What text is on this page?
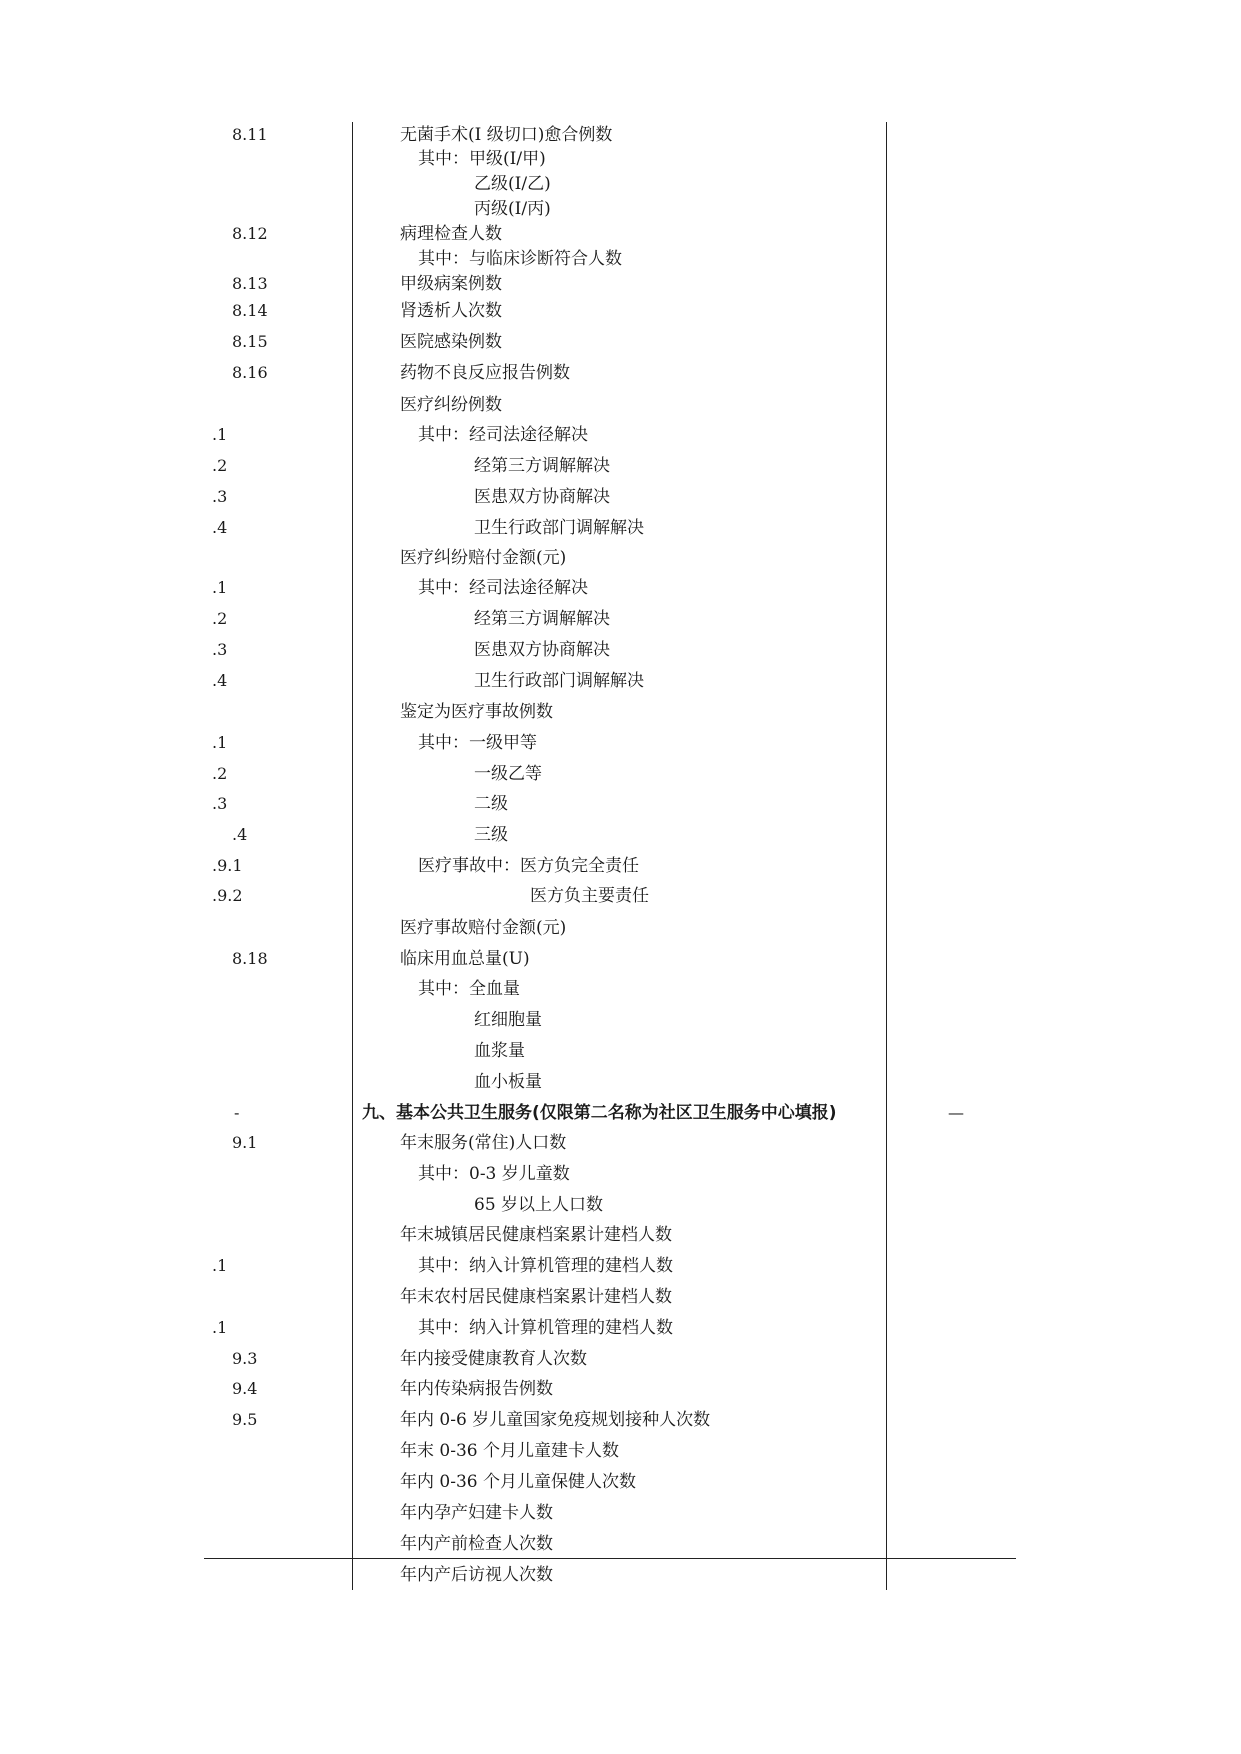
8.11	无菌手术(I 级切口)愈合例数
其中：甲级(I/甲)
乙级(I/乙)
丙级(I/丙)
8.12	病理检查人数
其中：与临床诊断符合人数
8.13	甲级病案例数
8.14	肾透析人次数
8.15	医院感染例数
8.16	药物不良反应报告例数
医疗纠纷例数
.1	其中：经司法途径解决
.2	经第三方调解解决
.3	医患双方协商解决
.4	卫生行政部门调解解决
医疗纠纷赔付金额(元)
.1	其中：经司法途径解决
.2	经第三方调解解决
.3	医患双方协商解决
.4	卫生行政部门调解解决
鉴定为医疗事故例数
.1	其中：一级甲等
.2	一级乙等
.3	二级
.4	三级
.9.1	医疗事故中：医方负完全责任
.9.2	医方负主要责任
医疗事故赔付金额(元)
8.18	临床用血总量(U)
其中：全血量
红细胞量
血浆量
血小板量
-	九、基本公共卫生服务(仅限第二名称为社区卫生服务中心填报)	—
9.1	年末服务(常住)人口数
其中：0-3 岁儿童数
65 岁以上人口数
年末城镇居民健康档案累计建档人数
.1	其中：纳入计算机管理的建档人数
年末农村居民健康档案累计建档人数
.1	其中：纳入计算机管理的建档人数
9.3	年内接受健康教育人次数
9.4	年内传染病报告例数
9.5	年内 0-6 岁儿童国家免疫规划接种人次数
年末 0-36 个月儿童建卡人数
年内 0-36 个月儿童保健人次数
年内孕产妇建卡人数
年内产前检查人次数
年内产后访视人次数
